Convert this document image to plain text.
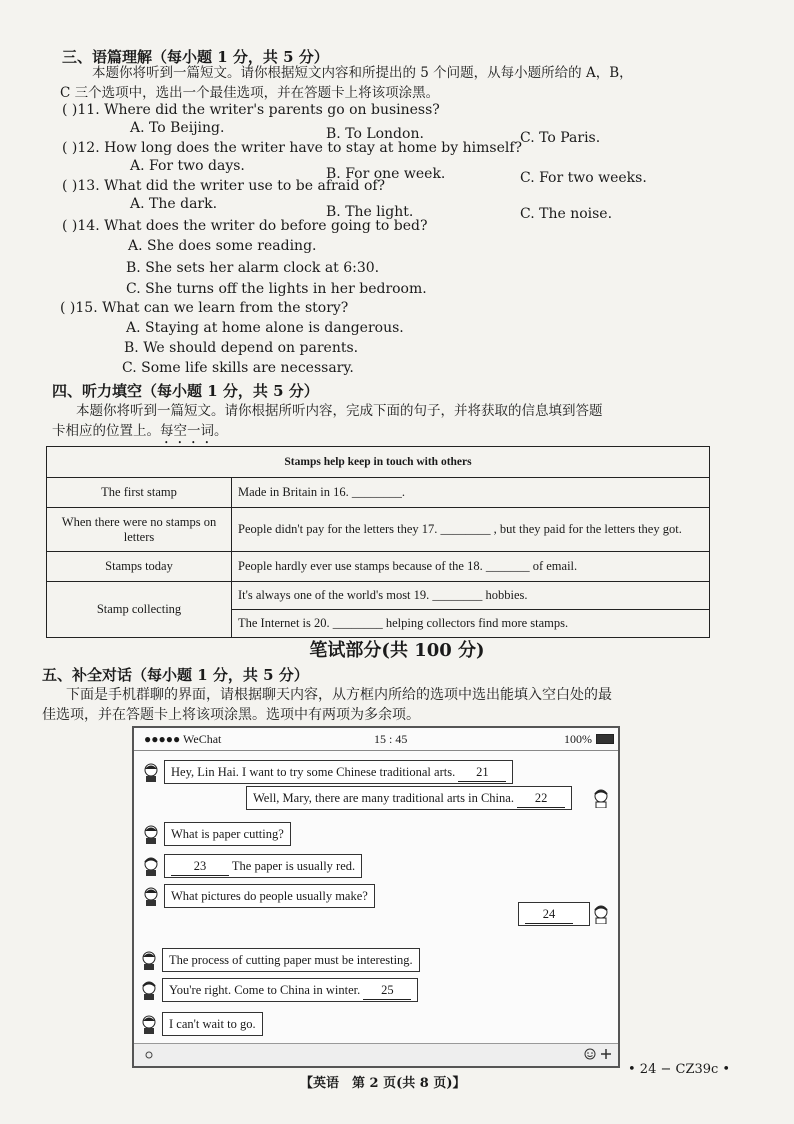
三、语篇理解（每小题 1 分，共 5 分）
本题你将听到一篇短文。请你根据短文内容和所提出的 5 个问题，从每小题所给的 A，B，
C 三个选项中，选出一个最佳选项，并在答题卡上将该项涂黑。
( )11. Where did the writer's parents go on business?
A. To Beijing.	B. To London.	C. To Paris.
( )12. How long does the writer have to stay at home by himself?
A. For two days.	B. For one week.	C. For two weeks.
( )13. What did the writer use to be afraid of?
A. The dark.	B. The light.	C. The noise.
( )14. What does the writer do before going to bed?
A. She does some reading.
B. She sets her alarm clock at 6:30.
C. She turns off the lights in her bedroom.
( )15. What can we learn from the story?
A. Staying at home alone is dangerous.
B. We should depend on parents.
C. Some life skills are necessary.
四、听力填空（每小题 1 分，共 5 分）
本题你将听到一篇短文。请你根据所听内容，完成下面的句子，并将获取的信息填到答题
卡相应的位置上。每空一词。
Stamps help keep in touch with others	
The first stamp	Made in Britain in 16. ________.
When there were no stamps on letters	People didn't pay for the letters they 17. ________ , but they paid for the letters they got.
Stamps today	People hardly ever use stamps because of the 18. _______ of email.
Stamp collecting	It's always one of the world's most 19. ________ hobbies.
	The Internet is 20. ________ helping collectors find more stamps.
笔试部分(共 100 分)
五、补全对话（每小题 1 分，共 5 分）
下面是手机群聊的界面，请根据聊天内容，从方框内所给的选项中选出能填入空白处的最
佳选项，并在答题卡上将该项涂黑。选项中有两项为多余项。
●●●●● WeChat	15 : 45	100%
Hey, Lin Hai. I want to try some Chinese traditional arts. 21
Well, Mary, there are many traditional arts in China. 22
What is paper cutting?
23 The paper is usually red.
What pictures do people usually make?
24
The process of cutting paper must be interesting.
You're right. Come to China in winter. 25
I can't wait to go.
【英语　第 2 页(共 8 页)】
• 24 − CZ39c •
